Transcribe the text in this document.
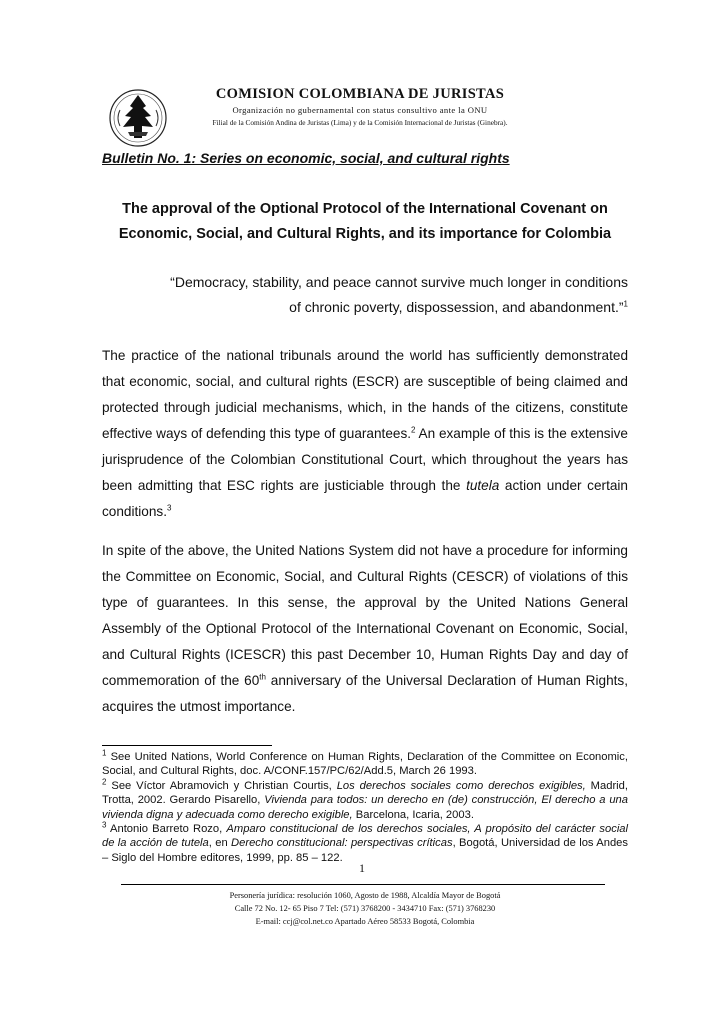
COMISION COLOMBIANA DE JURISTAS
Organización no gubernamental con status consultivo ante la ONU
Filial de la Comisión Andina de Juristas (Lima) y de la Comisión Internacional de Juristas (Ginebra).
Bulletin No. 1: Series on economic, social, and cultural rights
The approval of the Optional Protocol of the International Covenant on
Economic, Social, and Cultural Rights, and its importance for Colombia
“Democracy, stability, and peace cannot survive much longer in conditions
of chronic poverty, dispossession, and abandonment.”$^1$
The practice of the national tribunals around the world has sufficiently demonstrated that economic, social, and cultural rights (ESCR) are susceptible of being claimed and protected through judicial mechanisms, which, in the hands of the citizens, constitute effective ways of defending this type of guarantees.$^2$ An example of this is the extensive jurisprudence of the Colombian Constitutional Court, which throughout the years has been admitting that ESC rights are justiciable through the tutela action under certain conditions.$^3$
In spite of the above, the United Nations System did not have a procedure for informing the Committee on Economic, Social, and Cultural Rights (CESCR) of violations of this type of guarantees. In this sense, the approval by the United Nations General Assembly of the Optional Protocol of the International Covenant on Economic, Social, and Cultural Rights (ICESCR) this past December 10, Human Rights Day and day of commemoration of the 60th anniversary of the Universal Declaration of Human Rights, acquires the utmost importance.

$^1$ See United Nations, World Conference on Human Rights, Declaration of the Committee on Economic, Social, and Cultural Rights, doc. A/CONF.157/PC/62/Add.5, March 26 1993.

$^2$ See Víctor Abramovich y Christian Courtis, Los derechos sociales como derechos exigibles, Madrid, Trotta, 2002. Gerardo Pisarello, Vivienda para todos: un derecho en (de) construcción, El derecho a una vivienda digna y adecuada como derecho exigible, Barcelona, Icaria, 2003.

$^3$ Antonio Barreto Rozo, Amparo constitucional de los derechos sociales, A propósito del carácter social de la acción de tutela, en Derecho constitucional: perspectivas críticas, Bogotá, Universidad de los Andes – Siglo del Hombre editores, 1999, pp. 85 – 122.

1
Personería jurídica: resolución 1060, Agosto de 1988, Alcaldía Mayor de Bogotá
Calle 72 No. 12- 65 Piso 7 Tel: (571) 3768200 - 3434710 Fax: (571) 3768230
E-mail: ccj@col.net.co Apartado Aéreo 58533 Bogotá, Colombia
